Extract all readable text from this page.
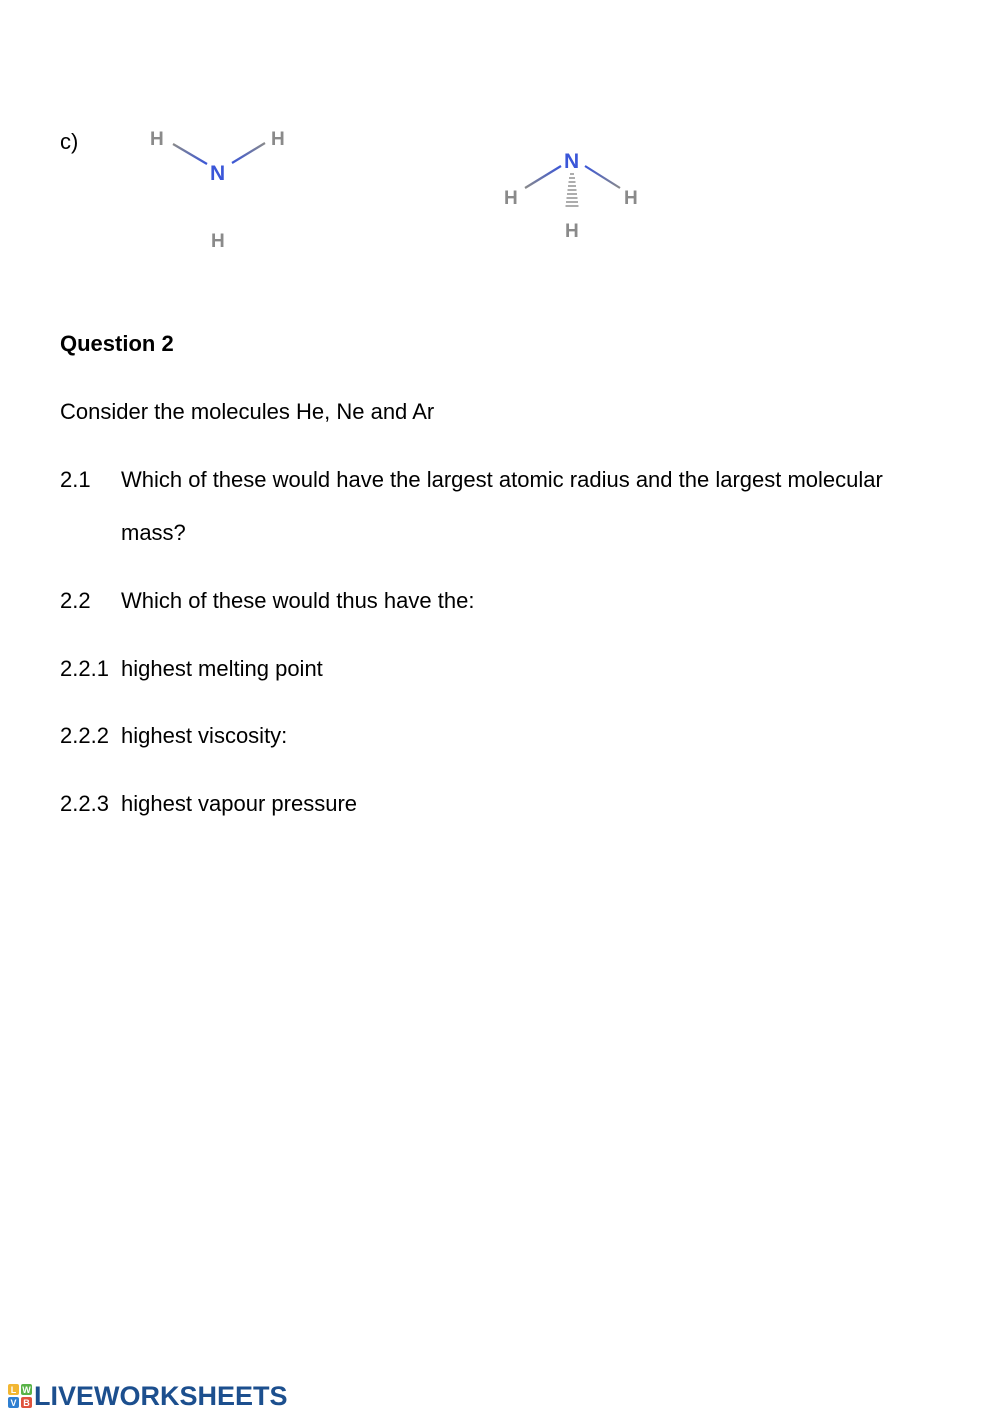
c)	H	H
N
H
N
H	H
H
Question 2
Consider the molecules He, Ne and Ar
2.1 Which of these would have the largest atomic radius and the largest molecular
mass?
2.2 Which of these would thus have the:
2.2.1 highest melting point
2.2.2 highest viscosity:
2.2.3 highest vapour pressure
L W
V B LIVEWORKSHEETS
